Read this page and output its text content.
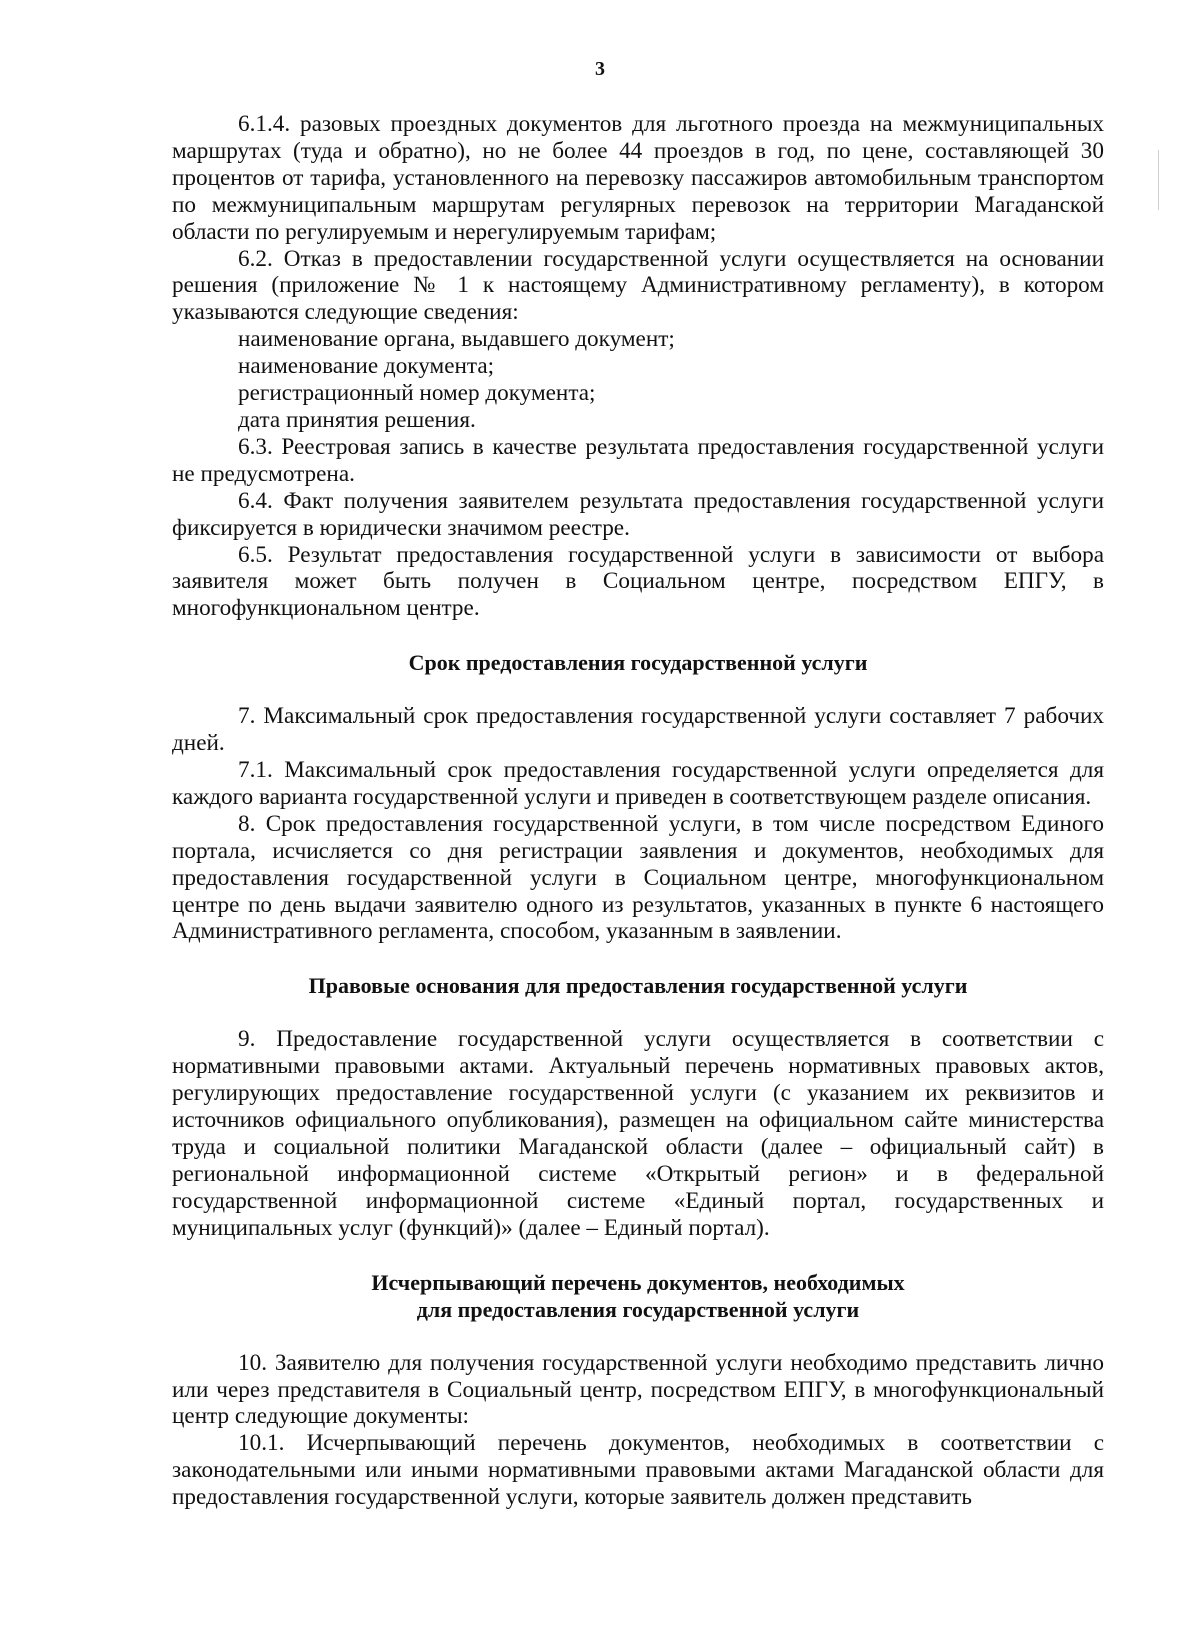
3

6.1.4. разовых проездных документов для льготного проезда на межмуниципальных маршрутах (туда и обратно), но не более 44 проездов в год, по цене, составляющей 30 процентов от тарифа, установленного на перевозку пассажиров автомобильным транспортом по межмуниципальным маршрутам регулярных перевозок на территории Магаданской области по регулируемым и нерегулируемым тарифам;

6.2. Отказ в предоставлении государственной услуги осуществляется на основании решения (приложение № 1 к настоящему Административному регламенту), в котором указываются следующие сведения:

наименование органа, выдавшего документ;

наименование документа;

регистрационный номер документа;

дата принятия решения.

6.3. Реестровая запись в качестве результата предоставления государственной услуги не предусмотрена.

6.4. Факт получения заявителем результата предоставления государственной услуги фиксируется в юридически значимом реестре.

6.5. Результат предоставления государственной услуги в зависимости от выбора заявителя может быть получен в Социальном центре, посредством ЕПГУ, в многофункциональном центре.

Срок предоставления государственной услуги

7. Максимальный срок предоставления государственной услуги составляет 7 рабочих дней.

7.1. Максимальный срок предоставления государственной услуги определяется для каждого варианта государственной услуги и приведен в соответствующем разделе описания.

8. Срок предоставления государственной услуги, в том числе посредством Единого портала, исчисляется со дня регистрации заявления и документов, необходимых для предоставления государственной услуги в Социальном центре, многофункциональном центре по день выдачи заявителю одного из результатов, указанных в пункте 6 настоящего Административного регламента, способом, указанным в заявлении.

Правовые основания для предоставления государственной услуги

9. Предоставление государственной услуги осуществляется в соответствии с нормативными правовыми актами. Актуальный перечень нормативных правовых актов, регулирующих предоставление государственной услуги (с указанием их реквизитов и источников официального опубликования), размещен на официальном сайте министерства труда и социальной политики Магаданской области (далее – официальный сайт) в региональной информационной системе «Открытый регион» и в федеральной государственной информационной системе «Единый портал, государственных и муниципальных услуг (функций)» (далее – Единый портал).

Исчерпывающий перечень документов, необходимых
для предоставления государственной услуги

10. Заявителю для получения государственной услуги необходимо представить лично или через представителя в Социальный центр, посредством ЕПГУ, в многофункциональный центр следующие документы:

10.1. Исчерпывающий перечень документов, необходимых в соответствии с законодательными или иными нормативными правовыми актами Магаданской области для предоставления государственной услуги, которые заявитель должен представить
